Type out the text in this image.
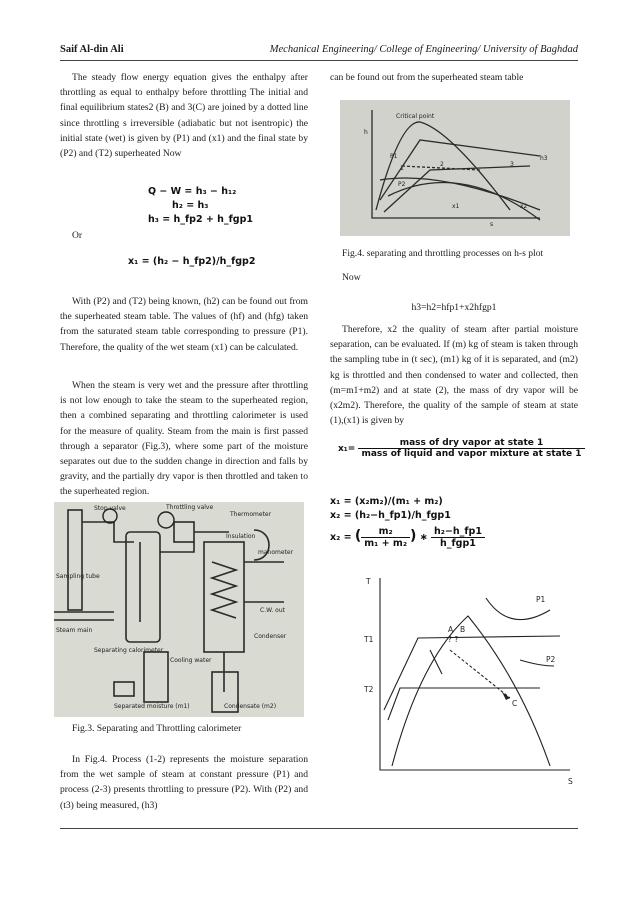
Saif Al-din Ali	Mechanical Engineering/ College of Engineering/ University of Baghdad
The steady flow energy equation gives the enthalpy after throttling as equal to enthalpy before throttling The initial and final equilibrium states2 (B) and 3(C) are joined by a dotted line since throttling s irreversible (adiabatic but not isentropic) the initial state (wet) is given by (P1) and (x1) and the final state by (P2) and (T2) superheated Now
Q − W = h₃ − h₁₂
h₂ = h₃
h₃ = h_fp2 + h_fgp1
Or
x₁ = (h₂ − h_fp2)/h_fgp2
With (P2) and (T2) being known, (h2) can be found out from the superheated steam table. The values of (hf) and (hfg) taken from the saturated steam table corresponding to pressure (P1). Therefore, the quality of the wet steam (x1) can be calculated.
When the steam is very wet and the pressure after throttling is not low enough to take the steam to the superheated region, then a combined separating and throttling calorimeter is used for the measure of quality. Steam from the main is first passed through a separator (Fig.3), where some part of the moisture separates out due to the sudden change in direction and falls by gravity, and the partially dry vapor is then throttled and taken to the superheated region.
Stop valve	Throttling valve
Thermometer
Insulation
manometer
Sampling tube
Steam main
Separating calorimeter
C.W. out
Condenser
Cooling water
Separated moisture (m1)	Condensate (m2)
Fig.3. Separating and Throttling calorimeter
In Fig.4. Process (1-2) represents the moisture separation from the wet sample of steam at constant pressure (P1) and process (2-3) presents throttling to pressure (P2). With (P2) and (t3) being measured, (h3)
can be found out from the superheated steam table
Critical point
h
s
h3
P1
P2
x1	x2
1
2	3
Fig.4. separating and throttling processes on h-s plot
Now
h3=h2=hfp1+x2hfgp1
Therefore, x2 the quality of steam after partial moisture separation, can be evaluated. If (m) kg of steam is taken through the sampling tube in (t sec), (m1) kg of it is separated, and (m2) kg is throttled and then condensed to water and collected, then (m=m1+m2) and at state (2), the mass of dry vapor will be (x2m2). Therefore, the quality of the sample of steam at state (1),(x1) is given by
$x_1= \frac{\text{mass of dry vapor at state 1}}{\text{mass of liquid and vapor mixture at state 1}}$
x₁ = (x₂m₂)/(m₁ + m₂)
x₂ = (h₂−h_fp1)/h_fgp1
x₂ = ( $\frac{\text{m₂}}{\text{m₁ + m₂}}$ ) ∗ $\frac{\text{h₂−h\_fp1}}{\text{h\_fgp1}}$
T
S
T1
T2
P1
P2
A B
? ?
C
